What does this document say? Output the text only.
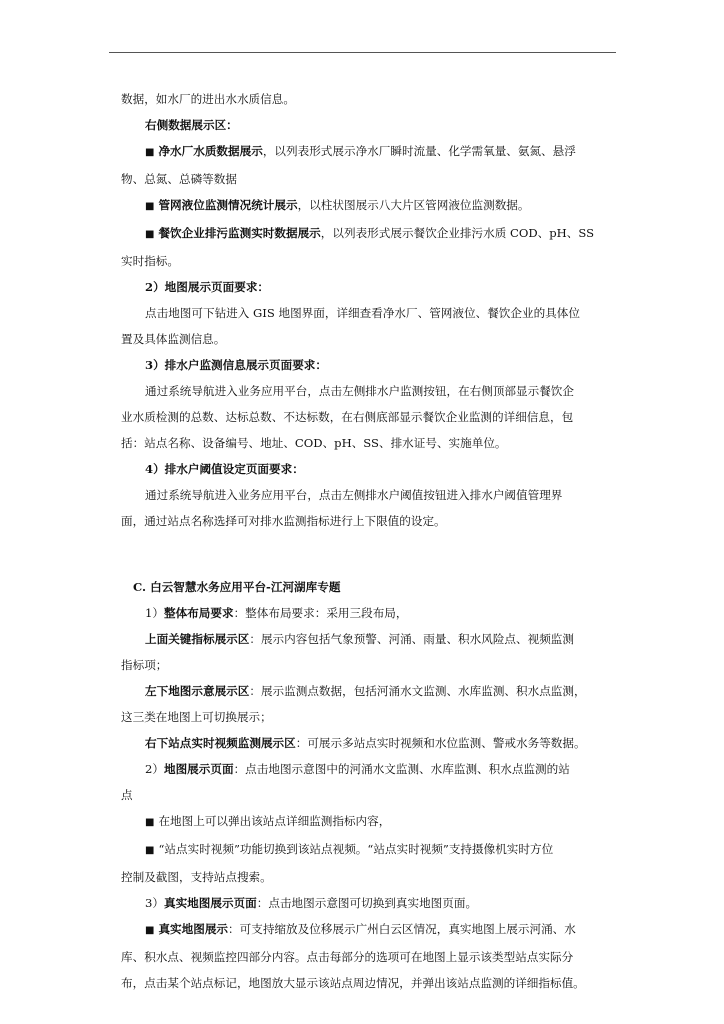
数据，如水厂的进出水水质信息。

右侧数据展示区：

■ 净水厂水质数据展示，以列表形式展示净水厂瞬时流量、化学需氧量、氨氮、悬浮

物、总氮、总磷等数据

■ 管网液位监测情况统计展示，以柱状图展示八大片区管网液位监测数据。

■ 餐饮企业排污监测实时数据展示，以列表形式展示餐饮企业排污水质 COD、pH、SS

实时指标。

2）地图展示页面要求：

点击地图可下钻进入 GIS 地图界面，详细查看净水厂、管网液位、餐饮企业的具体位

置及具体监测信息。

3）排水户监测信息展示页面要求：

通过系统导航进入业务应用平台，点击左侧排水户监测按钮，在右侧顶部显示餐饮企

业水质检测的总数、达标总数、不达标数，在右侧底部显示餐饮企业监测的详细信息，包

括：站点名称、设备编号、地址、COD、pH、SS、排水证号、实施单位。

4）排水户阈值设定页面要求：

通过系统导航进入业务应用平台，点击左侧排水户阈值按钮进入排水户阈值管理界

面，通过站点名称选择可对排水监测指标进行上下限值的设定。

C. 白云智慧水务应用平台-江河湖库专题

1）整体布局要求：整体布局要求：采用三段布局，

上面关键指标展示区：展示内容包括气象预警、河涌、雨量、积水风险点、视频监测

指标项；

左下地图示意展示区：展示监测点数据，包括河涌水文监测、水库监测、积水点监测，

这三类在地图上可切换展示；

右下站点实时视频监测展示区：可展示多站点实时视频和水位监测、警戒水务等数据。

2）地图展示页面：点击地图示意图中的河涌水文监测、水库监测、积水点监测的站

点

■ 在地图上可以弹出该站点详细监测指标内容，

■ “站点实时视频”功能切换到该站点视频。“站点实时视频”支持摄像机实时方位

控制及截图，支持站点搜索。

3）真实地图展示页面：点击地图示意图可切换到真实地图页面。

■ 真实地图展示：可支持缩放及位移展示广州白云区情况，真实地图上展示河涌、水

库、积水点、视频监控四部分内容。点击每部分的选项可在地图上显示该类型站点实际分

布，点击某个站点标记，地图放大显示该站点周边情况，并弹出该站点监测的详细指标值。
